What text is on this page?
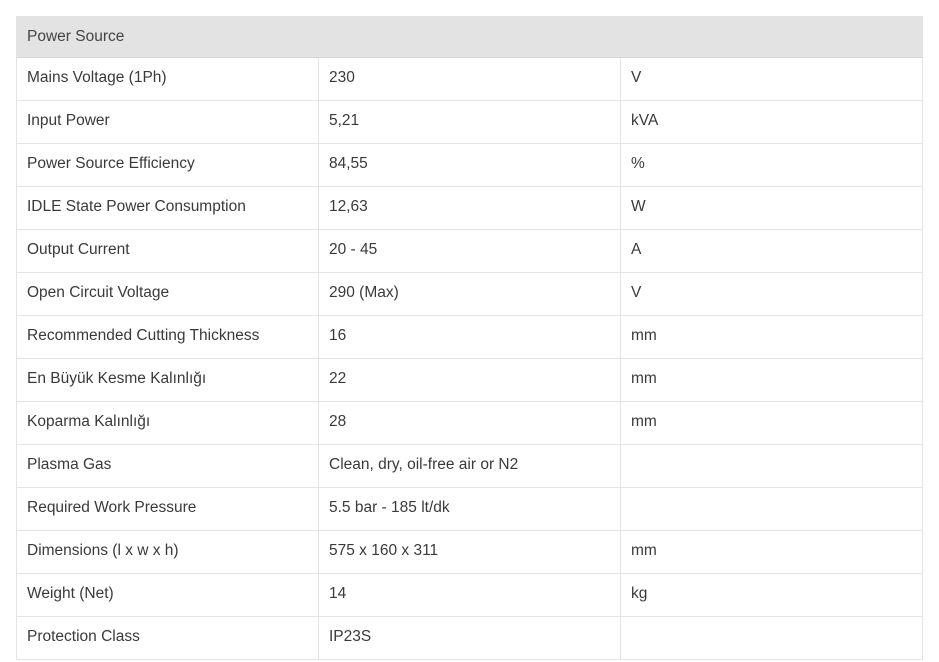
Power Source		
Mains Voltage (1Ph)	230	V
Input Power	5,21	kVA
Power Source Efficiency	84,55	%
IDLE State Power Consumption	12,63	W
Output Current	20 - 45	A
Open Circuit Voltage	290 (Max)	V
Recommended Cutting Thickness	16	mm
En Büyük Kesme Kalınlığı	22	mm
Koparma Kalınlığı	28	mm
Plasma Gas	Clean, dry, oil-free air or N2	
Required Work Pressure	5.5 bar - 185 lt/dk	
Dimensions (l x w x h)	575 x 160 x 311	mm
Weight (Net)	14	kg
Protection Class	IP23S	
